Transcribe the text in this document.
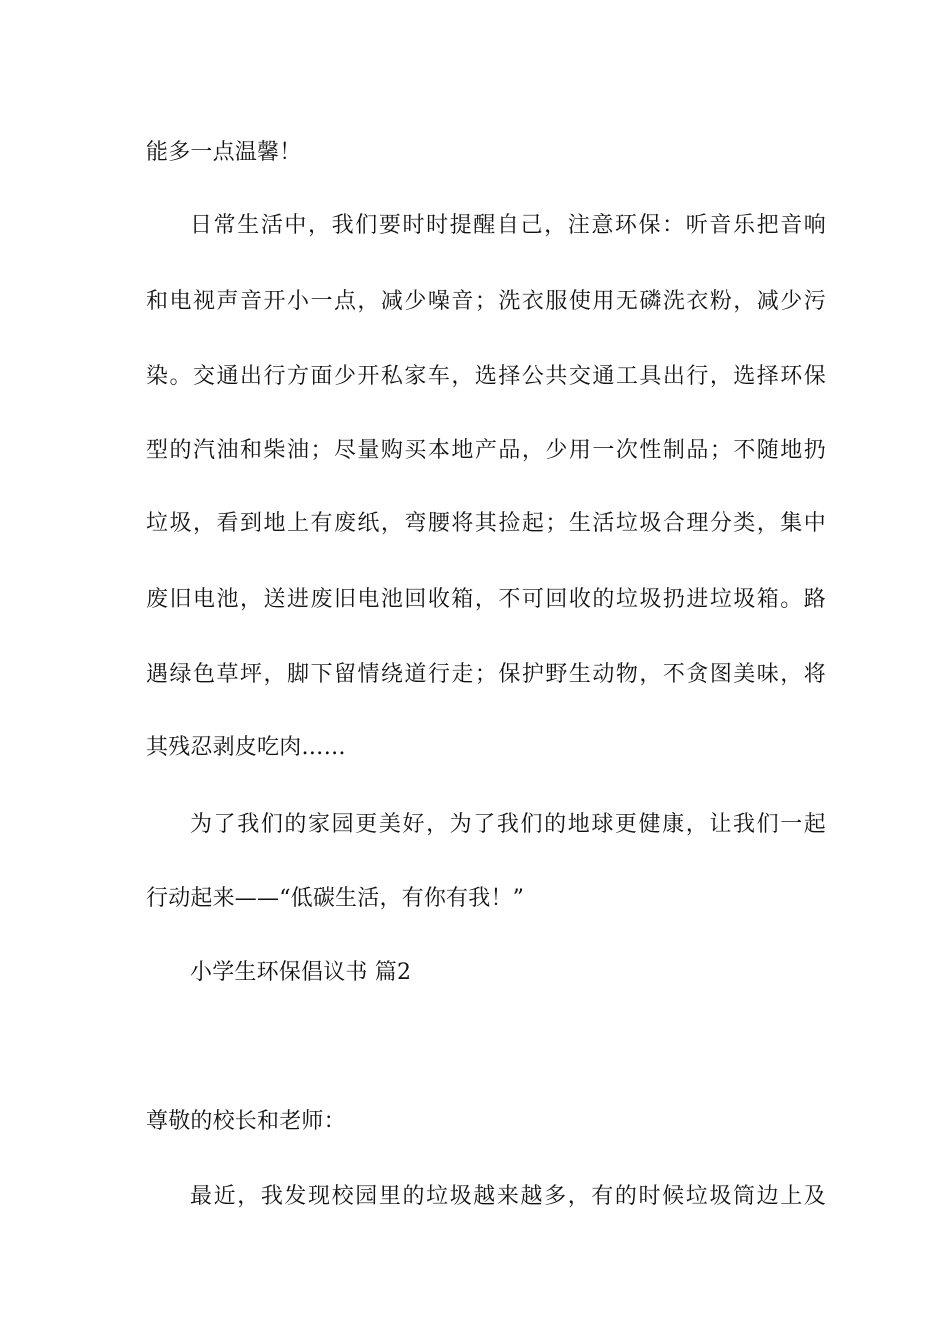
能多一点温馨！
日常生活中，我们要时时提醒自己，注意环保：听音乐把音响
和电视声音开小一点，减少噪音；洗衣服使用无磷洗衣粉，减少污
染。交通出行方面少开私家车，选择公共交通工具出行，选择环保
型的汽油和柴油；尽量购买本地产品，少用一次性制品；不随地扔
垃圾，看到地上有废纸，弯腰将其捡起；生活垃圾合理分类，集中
废旧电池，送进废旧电池回收箱，不可回收的垃圾扔进垃圾箱。路
遇绿色草坪，脚下留情绕道行走；保护野生动物，不贪图美味，将
其残忍剥皮吃肉……
为了我们的家园更美好，为了我们的地球更健康，让我们一起
行动起来——“低碳生活，有你有我！”
小学生环保倡议书 篇2
尊敬的校长和老师：
最近，我发现校园里的垃圾越来越多，有的时候垃圾筒边上及
